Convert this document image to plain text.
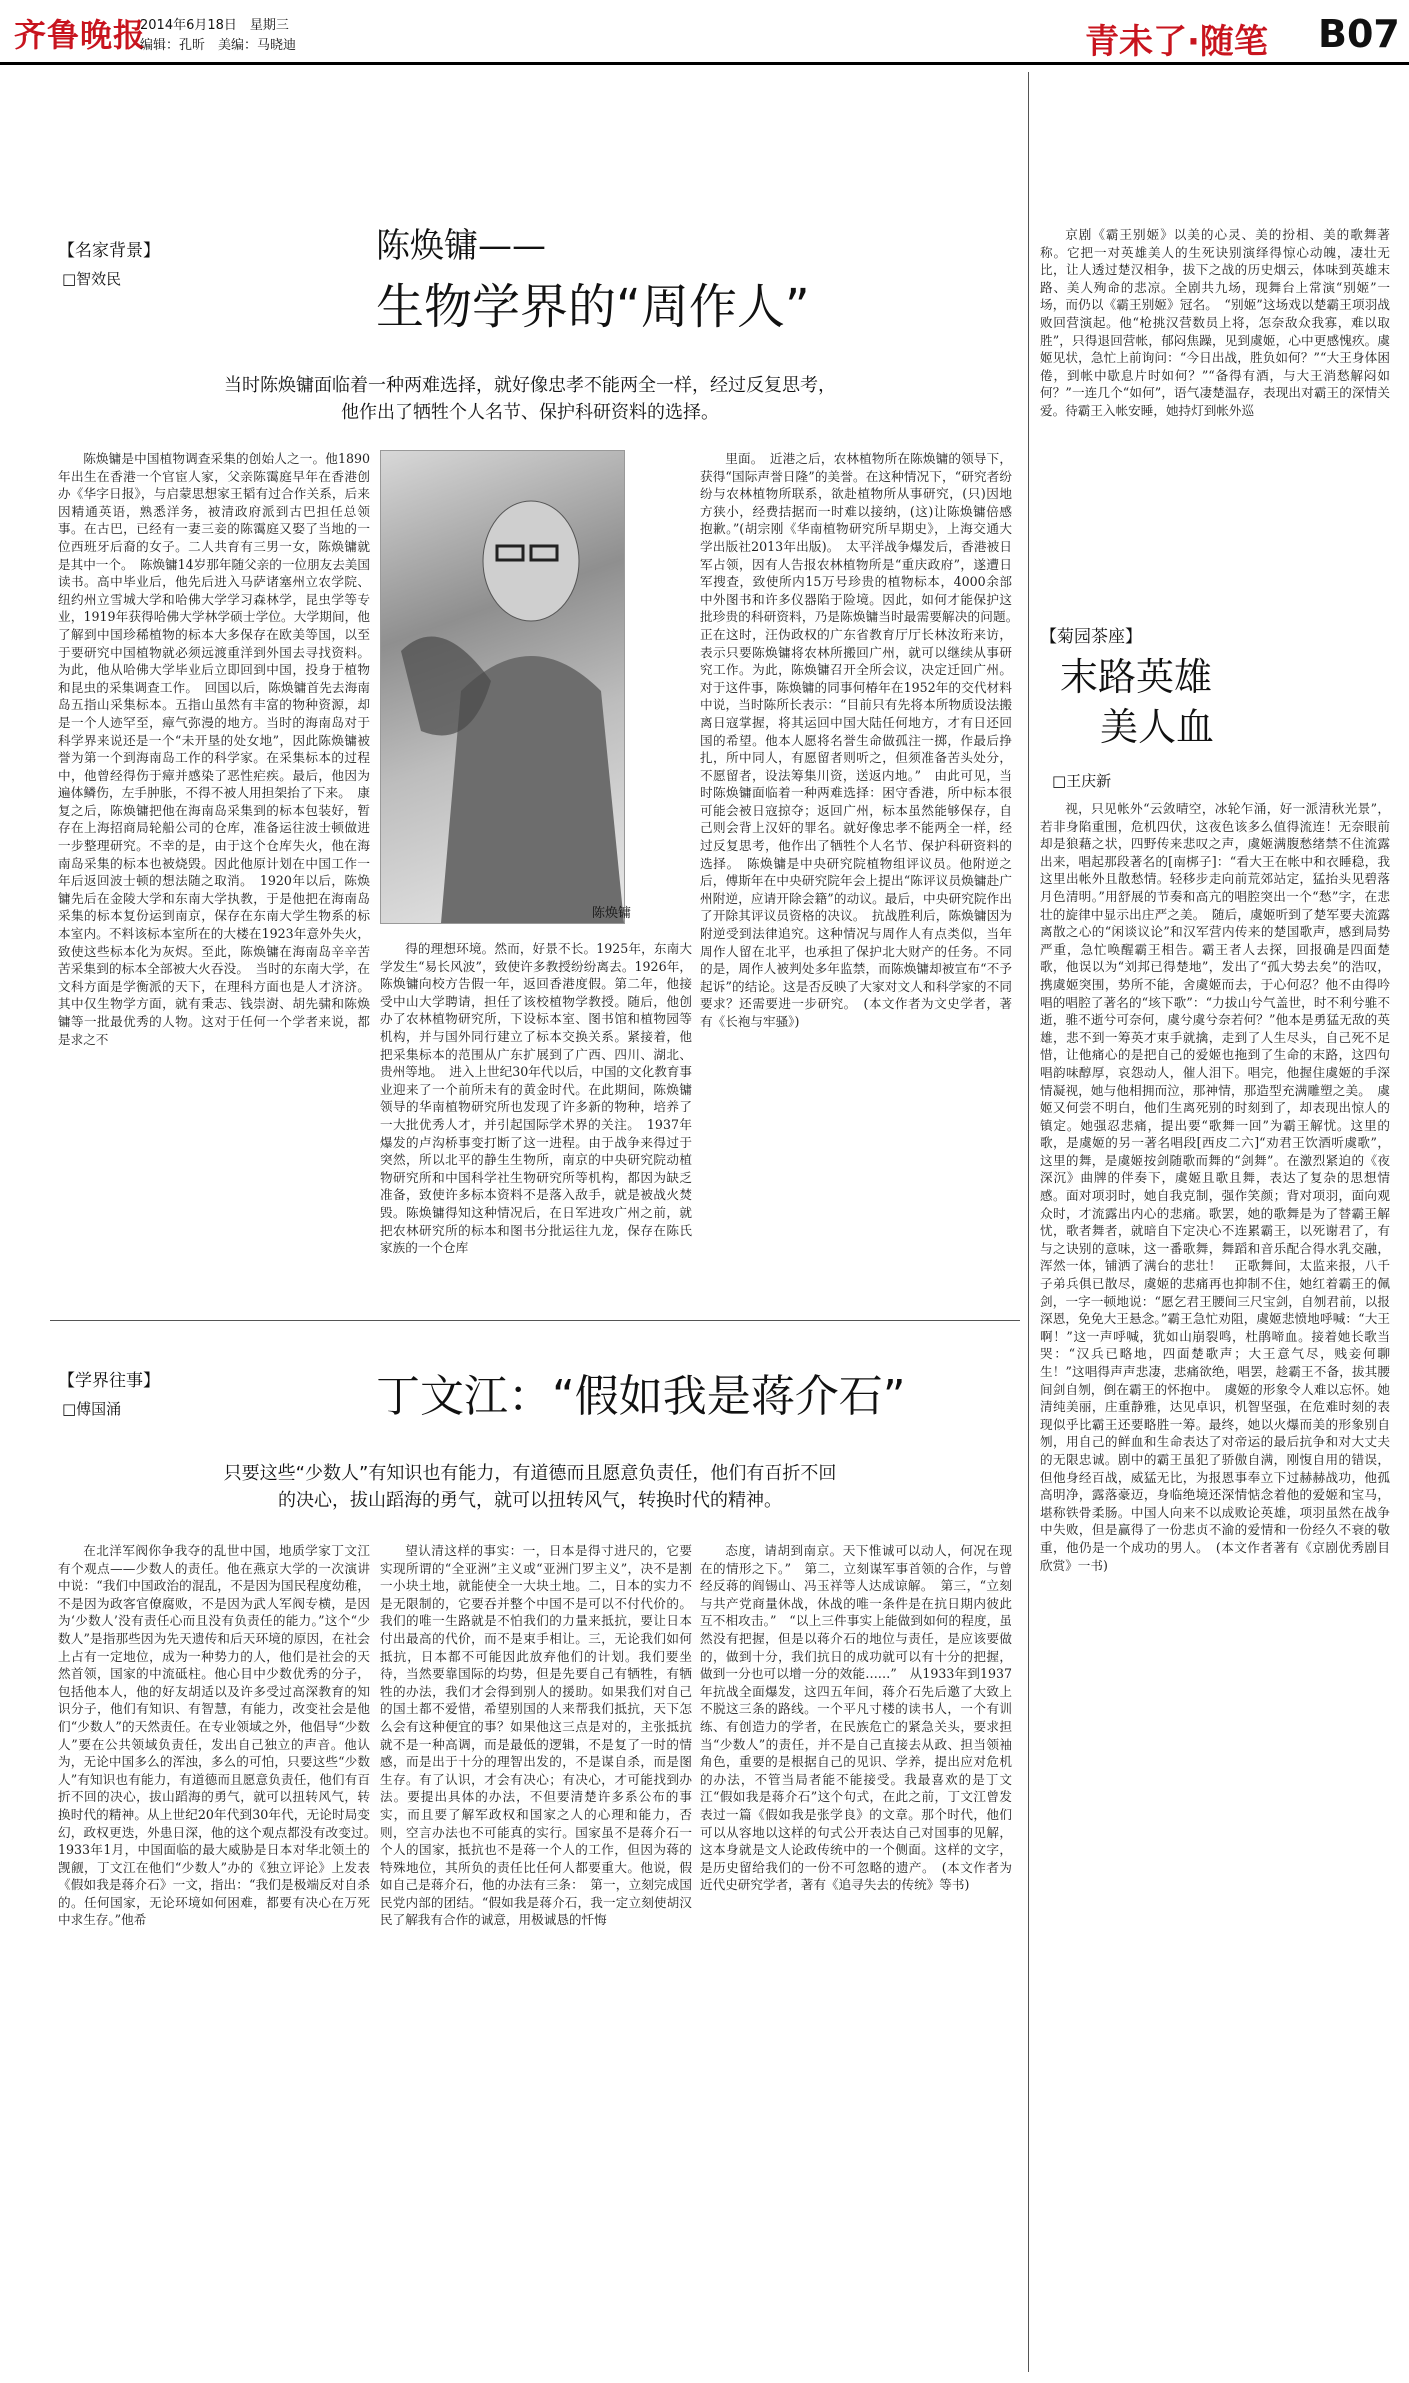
齐鲁晚报
2014年6月18日　星期三
编辑：孔昕　美编：马晓迪	青未了·随笔 B07
【名家背景】
□智效民
陈焕镛——
生物学界的“周作人”
当时陈焕镛面临着一种两难选择，就好像忠孝不能两全一样，经过反复思考，
他作出了牺牲个人名节、保护科研资料的选择。
陈焕镛是中国植物调查采集的创始人之一。他1890年出生在香港一个官宦人家，父亲陈霭庭早年在香港创办《华字日报》，与启蒙思想家王韬有过合作关系，后来因精通英语，熟悉洋务，被清政府派到古巴担任总领事。在古巴，已经有一妻三妾的陈霭庭又娶了当地的一位西班牙后裔的女子。二人共育有三男一女，陈焕镛就是其中一个。　陈焕镛14岁那年随父亲的一位朋友去美国读书。高中毕业后，他先后进入马萨诸塞州立农学院、纽约州立雪城大学和哈佛大学学习森林学，昆虫学等专业，1919年获得哈佛大学林学硕士学位。大学期间，他了解到中国珍稀植物的标本大多保存在欧美等国，以至于要研究中国植物就必须远渡重洋到外国去寻找资料。为此，他从哈佛大学毕业后立即回到中国，投身于植物和昆虫的采集调查工作。　回国以后，陈焕镛首先去海南岛五指山采集标本。五指山虽然有丰富的物种资源，却是一个人迹罕至，瘴气弥漫的地方。当时的海南岛对于科学界来说还是一个“未开垦的处女地”，因此陈焕镛被誉为第一个到海南岛工作的科学家。在采集标本的过程中，他曾经得伤于瘴并感染了恶性疟疾。最后，他因为遍体鳞伤，左手肿胀，不得不被人用担架抬了下来。　康复之后，陈焕镛把他在海南岛采集到的标本包装好，暂存在上海招商局轮船公司的仓库，准备运往波士顿做进一步整理研究。不幸的是，由于这个仓库失火，他在海南岛采集的标本也被烧毁。因此他原计划在中国工作一年后返回波士顿的想法随之取消。　1920年以后，陈焕镛先后在金陵大学和东南大学执教，于是他把在海南岛采集的标本复份运到南京，保存在东南大学生物系的标本室内。不料该标本室所在的大楼在1923年意外失火，致使这些标本化为灰烬。至此，陈焕镛在海南岛辛辛苦苦采集到的标本全部被大火吞没。　当时的东南大学，在文科方面是学衡派的天下，在理科方面也是人才济济。其中仅生物学方面，就有秉志、钱崇澍、胡先骕和陈焕镛等一批最优秀的人物。这对于任何一个学者来说，都是求之不
陈焕镛
得的理想环境。然而，好景不长。1925年，东南大学发生“易长风波”，致使许多教授纷纷离去。1926年，陈焕镛向校方告假一年，返回香港度假。第二年，他接受中山大学聘请，担任了该校植物学教授。随后，他创办了农林植物研究所，下设标本室、图书馆和植物园等机构，并与国外同行建立了标本交换关系。紧接着，他把采集标本的范围从广东扩展到了广西、四川、湖北、贵州等地。　进入上世纪30年代以后，中国的文化教育事业迎来了一个前所未有的黄金时代。在此期间，陈焕镛领导的华南植物研究所也发现了许多新的物种，培养了一大批优秀人才，并引起国际学术界的关注。　1937年爆发的卢沟桥事变打断了这一进程。由于战争来得过于突然，所以北平的静生生物所，南京的中央研究院动植物研究所和中国科学社生物研究所等机构，都因为缺乏准备，致使许多标本资料不是落入敌手，就是被战火焚毁。陈焕镛得知这种情况后，在日军进攻广州之前，就把农林研究所的标本和图书分批运往九龙，保存在陈氏家族的一个仓库
里面。　近港之后，农林植物所在陈焕镛的领导下，获得“国际声誉日隆”的美誉。在这种情况下，“研究者纷纷与农林植物所联系，欲赴植物所从事研究，(只)因地方狭小，经费拮据而一时难以接纳，(这)让陈焕镛倍感抱歉。”(胡宗刚《华南植物研究所早期史》，上海交通大学出版社2013年出版)。　太平洋战争爆发后，香港被日军占领，因有人告报农林植物所是“重庆政府”，遂遭日军搜查，致使所内15万号珍贵的植物标本，4000余部中外图书和许多仪器陷于险境。因此，如何才能保护这批珍贵的科研资料，乃是陈焕镛当时最需要解决的问题。　正在这时，汪伪政权的广东省教育厅厅长林汝珩来访，表示只要陈焕镛将农林所搬回广州，就可以继续从事研究工作。为此，陈焕镛召开全所会议，决定迁回广州。对于这件事，陈焕镛的同事何椿年在1952年的交代材料中说，当时陈所长表示：“目前只有先将本所物质设法搬离日寇掌握，将其运回中国大陆任何地方，才有日还回国的希望。他本人愿将名誉生命做孤注一掷，作最后挣扎，所中同人，有愿留者则听之，但须准备苦头处分，不愿留者，设法筹集川资，送返内地。”　由此可见，当时陈焕镛面临着一种两难选择：困守香港，所中标本很可能会被日寇掠夺；返回广州，标本虽然能够保存，自己则会背上汉奸的罪名。就好像忠孝不能两全一样，经过反复思考，他作出了牺牲个人名节、保护科研资料的选择。　陈焕镛是中央研究院植物组评议员。他附逆之后，傅斯年在中央研究院年会上提出“陈评议员焕镛赴广州附逆，应请开除会籍”的动议。最后，中央研究院作出了开除其评议员资格的决议。　抗战胜利后，陈焕镛因为附逆受到法律追究。这种情况与周作人有点类似，当年周作人留在北平，也承担了保护北大财产的任务。不同的是，周作人被判处多年监禁，而陈焕镛却被宣布“不予起诉”的结论。这是否反映了大家对文人和科学家的不同要求？还需要进一步研究。　(本文作者为文史学者，著有《长袍与牢骚》)
【学界往事】
□傅国涌	丁文江：“假如我是蒋介石”
只要这些“少数人”有知识也有能力，有道德而且愿意负责任，他们有百折不回
的决心，拔山蹈海的勇气，就可以扭转风气，转换时代的精神。
在北洋军阀你争我夺的乱世中国，地质学家丁文江有个观点——少数人的责任。他在燕京大学的一次演讲中说：“我们中国政治的混乱，不是因为国民程度幼稚，不是因为政客官僚腐败，不是因为武人军阀专横，是因为‘少数人’没有责任心而且没有负责任的能力。”这个“少数人”是指那些因为先天遗传和后天环境的原因，在社会上占有一定地位，成为一种势力的人，他们是社会的天然首领，国家的中流砥柱。他心目中少数优秀的分子，包括他本人，他的好友胡适以及许多受过高深教育的知识分子，他们有知识、有智慧，有能力，改变社会是他们“少数人”的天然责任。在专业领域之外，他倡导“少数人”要在公共领域负责任，发出自己独立的声音。他认为，无论中国多么的浑浊，多么的可怕，只要这些“少数人”有知识也有能力，有道德而且愿意负责任，他们有百折不回的决心，拔山蹈海的勇气，就可以扭转风气，转换时代的精神。从上世纪20年代到30年代，无论时局变幻，政权更迭，外患日深，他的这个观点都没有改变过。　1933年1月，中国面临的最大威胁是日本对华北领土的觊觎，丁文江在他们“少数人”办的《独立评论》上发表《假如我是蒋介石》一文，指出：“我们是极端反对自杀的。任何国家，无论环境如何困难，都要有决心在万死中求生存。”他希
望认清这样的事实：一，日本是得寸进尺的，它要实现所谓的“全亚洲”主义或“亚洲门罗主义”，决不是割一小块土地，就能使全一大块土地。二，日本的实力不是无限制的，它要吞并整个中国不是可以不付代价的。我们的唯一生路就是不怕我们的力量来抵抗，要让日本付出最高的代价，而不是束手相让。三，无论我们如何抵抗，日本都不可能因此放弃他们的计划。我们要坐待，当然要靠国际的均势，但是先要自己有牺牲，有牺牲的办法，我们才会得到别人的援助。如果我们对自己的国土都不爱惜，希望别国的人来帮我们抵抗，天下怎么会有这种便宜的事？如果他这三点是对的，主张抵抗就不是一种高调，而是最低的逻辑，不是复了一时的情感，而是出于十分的理智出发的，不是谋自杀，而是图生存。有了认识，才会有决心；有决心，才可能找到办法。要提出具体的办法，不但要清楚许多系公布的事实，而且要了解军政权和国家之人的心理和能力，否则，空言办法也不可能真的实行。国家虽不是蒋介石一个人的国家，抵抗也不是蒋一个人的工作，但因为蒋的特殊地位，其所负的责任比任何人都要重大。他说，假如自己是蒋介石，他的办法有三条：　第一，立刻完成国民党内部的团结。“假如我是蒋介石，我一定立刻使胡汉民了解我有合作的诚意，用极诚恳的忏悔
态度，请胡到南京。天下惟诚可以动人，何况在现在的情形之下。”　第二，立刻谋军事首领的合作，与曾经反蒋的阎锡山、冯玉祥等人达成谅解。　第三，“立刻与共产党商量休战，休战的唯一条件是在抗日期内彼此互不相攻击。”　“以上三件事实上能做到如何的程度，虽然没有把握，但是以蒋介石的地位与责任，是应该要做的，做到十分，我们抗日的成功就可以有十分的把握，做到一分也可以增一分的效能……”　从1933年到1937年抗战全面爆发，这四五年间，蒋介石先后邀了大致上不脱这三条的路线。一个平凡寸楼的读书人，一个有训练、有创造力的学者，在民族危亡的紧急关头，要求担当“少数人”的责任，并不是自己直接去从政、担当领袖角色，重要的是根据自己的见识、学养，提出应对危机的办法，不管当局者能不能接受。我最喜欢的是丁文江“假如我是蒋介石”这个句式，在此之前，丁文江曾发表过一篇《假如我是张学良》的文章。那个时代，他们可以从容地以这样的句式公开表达自己对国事的见解，这本身就是文人论政传统中的一个侧面。这样的文字，是历史留给我们的一份不可忽略的遗产。　(本文作者为近代史研究学者，著有《追寻失去的传统》等书)
京剧《霸王别姬》以美的心灵、美的扮相、美的歌舞著称。它把一对英雄美人的生死诀别演绎得惊心动魄，凄壮无比，让人透过楚汉相争，拔下之战的历史烟云，体味到英雄末路、美人殉命的悲凉。全剧共九场，现舞台上常演“别姬”一场，而仍以《霸王别姬》冠名。　“别姬”这场戏以楚霸王项羽战败回营演起。他“枪挑汉营数员上将，怎奈敌众我寡，难以取胜”，只得退回营帐，郁闷焦躁，见到虞姬，心中更感愧疚。虞姬见状，急忙上前询问：“今日出战，胜负如何？”“大王身体困倦，到帐中歇息片时如何？”“备得有酒，与大王消愁解闷如何？”一连几个“如何”，语气凄楚温存，表现出对霸王的深情关爱。待霸王入帐安睡，她持灯到帐外巡
【菊园茶座】
末路英雄
美人血
□王庆新
视，只见帐外“云敛晴空，冰轮乍涌，好一派清秋光景”，若非身陷重围，危机四伏，这夜色该多么值得流连！无奈眼前却是狼藉之状，四野传来悲叹之声，虞姬满腹愁绪禁不住流露出来，唱起那段著名的[南梆子]：“看大王在帐中和衣睡稳，我这里出帐外且散愁情。轻移步走向前荒郊站定，猛抬头见碧落月色清明。”用舒展的节奏和高亢的唱腔突出一个“愁”字，在悲壮的旋律中显示出庄严之美。　随后，虞姬听到了楚军要夫流露离散之心的“闲谈议论”和汉军营内传来的楚国歌声，感到局势严重，急忙唤醒霸王相告。霸王者人去探，回报确是四面楚歌，他误以为“刘邦已得楚地”，发出了“孤大势去矣”的浩叹，携虞姬突围，势所不能，舍虞姬而去，于心何忍？他不由得吟唱的唱腔了著名的“垓下歌”：“力拔山兮气盖世，时不利兮骓不逝，骓不逝兮可奈何，虞兮虞兮奈若何？”他本是勇猛无敌的英雄，悲不到一筹英才束手就擒，走到了人生尽头，自己死不足惜，让他痛心的是把自己的爱姬也拖到了生命的末路，这四句唱韵味醇厚，哀怨动人，催人泪下。唱完，他握住虞姬的手深情凝视，她与他相拥而泣，那神情，那造型充满雕塑之美。　虞姬又何尝不明白，他们生离死别的时刻到了，却表现出惊人的镇定。她强忍悲痛，提出要“歌舞一回”为霸王解忧。这里的歌，是虞姬的另一著名唱段[西皮二六]“劝君王饮酒听虞歌”，这里的舞，是虞姬按剑随歌而舞的“剑舞”。在激烈紧迫的《夜深沉》曲牌的伴奏下，虞姬且歌且舞，表达了复杂的思想情感。面对项羽时，她自我克制，强作笑颜；背对项羽，面向观众时，才流露出内心的悲痛。歌罢，她的歌舞是为了替霸王解忧，歌者舞者，就暗自下定决心不连累霸王，以死谢君了，有与之诀别的意味，这一番歌舞，舞蹈和音乐配合得水乳交融，浑然一体，铺洒了满台的悲壮！　正歌舞间，太监来报，八千子弟兵俱已散尽，虞姬的悲痛再也抑制不住，她红着霸王的佩剑，一字一顿地说：“愿乞君王腰间三尺宝剑，自刎君前，以报深恩，免免大王悬念。”霸王急忙劝阻，虞姬悲愤地呼喊：“大王啊！”这一声呼喊，犹如山崩裂鸣，杜鹃啼血。接着她长歌当哭：“汉兵已略地，四面楚歌声；大王意气尽，贱妾何聊生！”这唱得声声悲凄，悲痛欲绝，唱罢，趁霸王不备，拔其腰间剑自刎，倒在霸王的怀抱中。　虞姬的形象令人难以忘怀。她清纯美丽，庄重静雅，达见卓识，机智坚强，在危难时刻的表现似乎比霸王还要略胜一筹。最终，她以火爆而美的形象别自刎，用自己的鲜血和生命表达了对帝运的最后抗争和对大丈夫的无限忠诚。剧中的霸王虽犯了骄傲自满，刚愎自用的错误，但他身经百战，威猛无比，为报恩事奉立下过赫赫战功，他孤高明净，露落豪迈，身临绝境还深情惦念着他的爱姬和宝马，堪称铁骨柔肠。中国人向来不以成败论英雄，项羽虽然在战争中失败，但是赢得了一份悲贞不渝的爱情和一份经久不衰的敬重，他仍是一个成功的男人。　(本文作者著有《京剧优秀剧目欣赏》一书)
